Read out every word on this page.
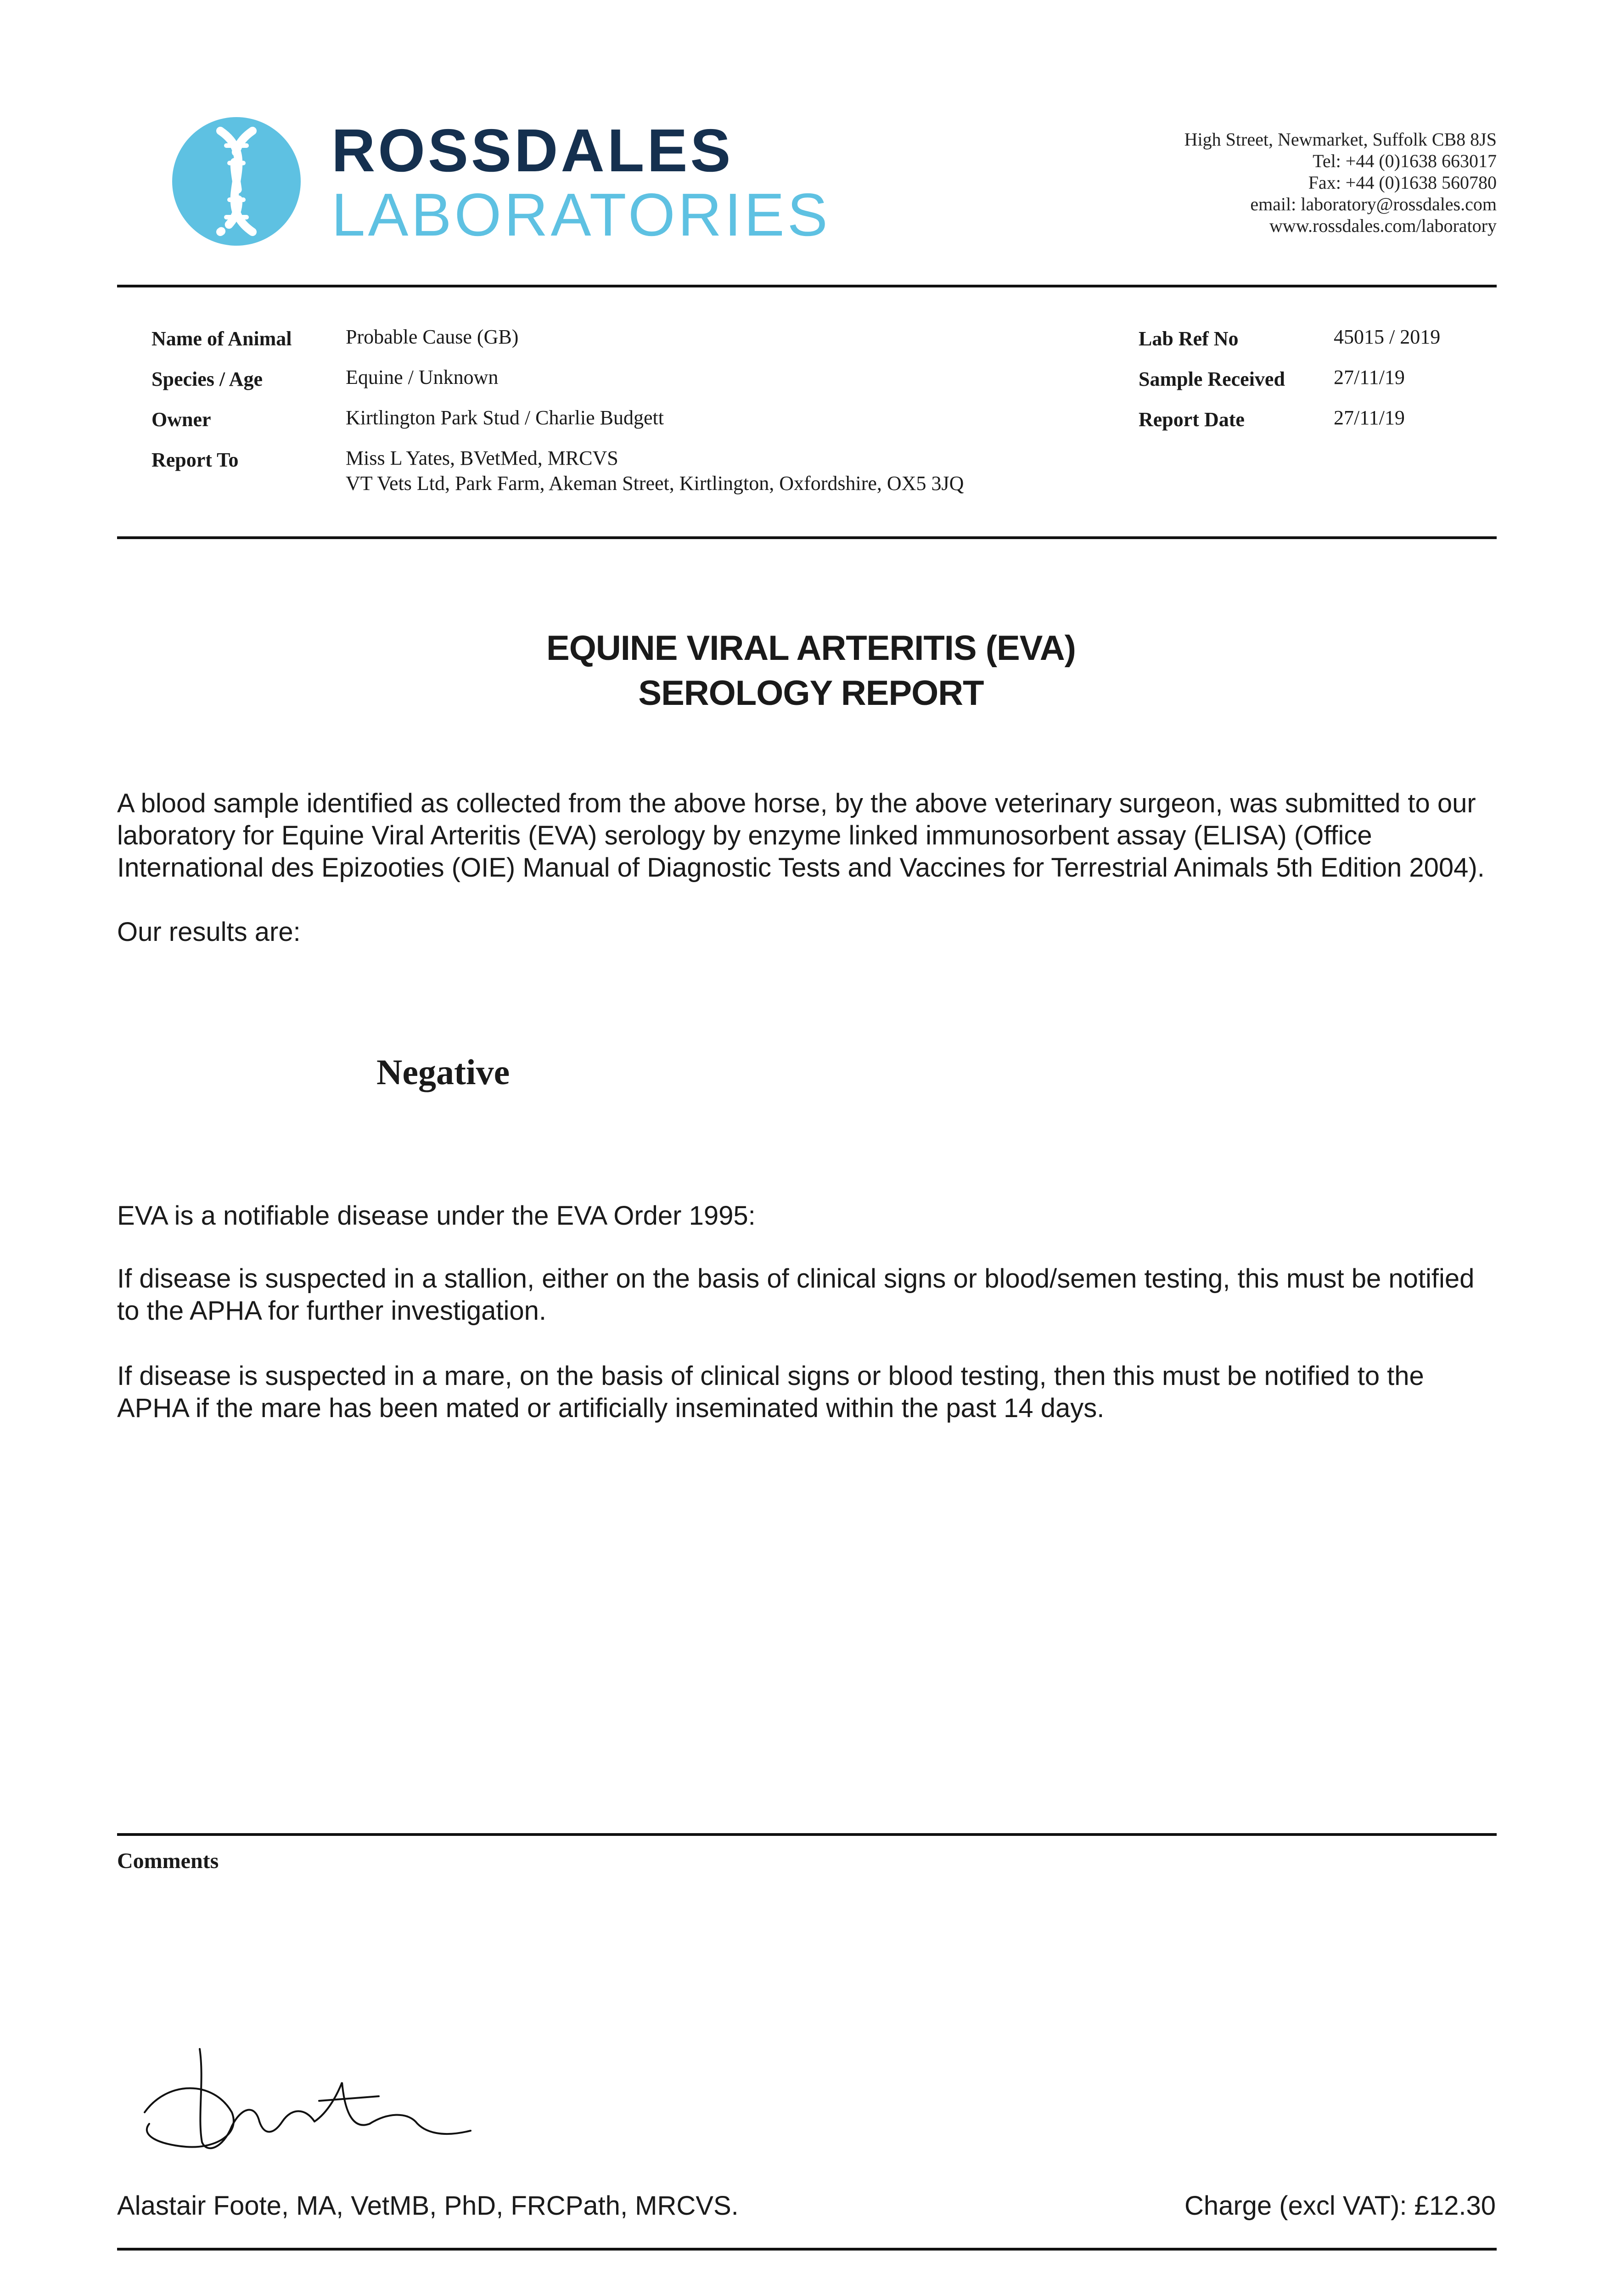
ROSSDALES
LABORATORIES
High Street, Newmarket, Suffolk CB8 8JS
Tel: +44 (0)1638 663017
Fax: +44 (0)1638 560780
email: laboratory@rossdales.com
www.rossdales.com/laboratory
Name of Animal	Probable Cause (GB)
Species / Age	Equine / Unknown
Owner	Kirtlington Park Stud / Charlie Budgett
Report To	Miss L Yates, BVetMed, MRCVS
VT Vets Ltd, Park Farm, Akeman Street, Kirtlington, Oxfordshire, OX5 3JQ
Lab Ref No	45015 / 2019
Sample Received 27/11/19
Report Date	27/11/19
EQUINE VIRAL ARTERITIS (EVA)
SEROLOGY REPORT
A blood sample identified as collected from the above horse, by the above veterinary surgeon, was submitted to our laboratory for Equine Viral Arteritis (EVA) serology by enzyme linked immunosorbent assay (ELISA) (Office International des Epizooties (OIE) Manual of Diagnostic Tests and Vaccines for Terrestrial Animals 5th Edition 2004).
Our results are:
Negative
EVA is a notifiable disease under the EVA Order 1995:
If disease is suspected in a stallion, either on the basis of clinical signs or blood/semen testing, this must be notified to the APHA for further investigation.
If disease is suspected in a mare, on the basis of clinical signs or blood testing, then this must be notified to the APHA if the mare has been mated or artificially inseminated within the past 14 days.
Comments
Alastair Foote, MA, VetMB, PhD, FRCPath, MRCVS.	Charge (excl VAT): £12.30
